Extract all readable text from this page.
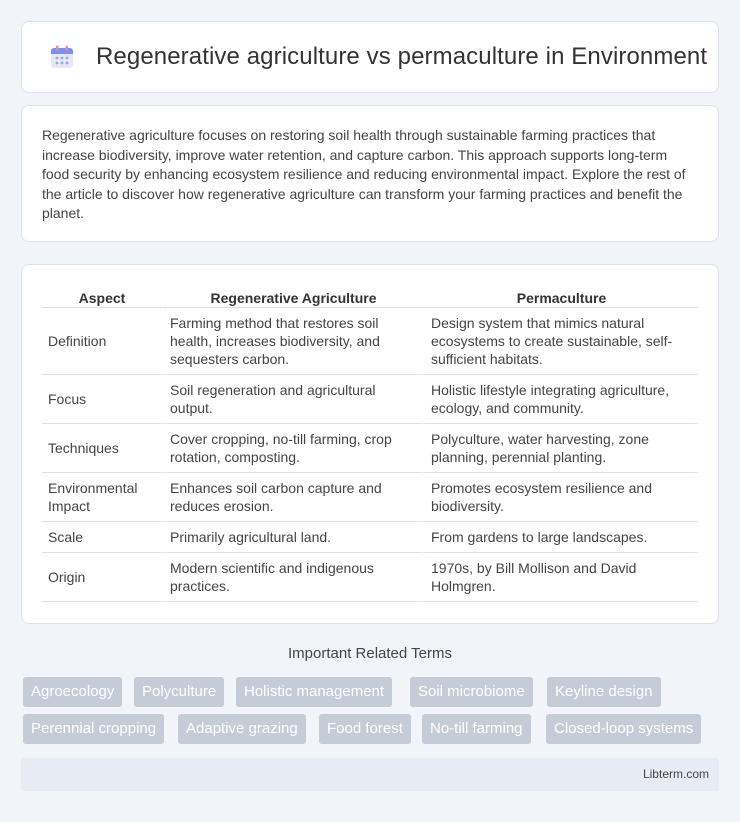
Regenerative agriculture vs permaculture in Environment

Regenerative agriculture focuses on restoring soil health through sustainable farming practices that increase biodiversity, improve water retention, and capture carbon. This approach supports long-term food security by enhancing ecosystem resilience and reducing environmental impact. Explore the rest of the article to discover how regenerative agriculture can transform your farming practices and benefit the planet.

Aspect	Regenerative Agriculture	Permaculture
Definition	Farming method that restores soil health, increases biodiversity, and sequesters carbon.	Design system that mimics natural ecosystems to create sustainable, self-sufficient habitats.
Focus	Soil regeneration and agricultural output.	Holistic lifestyle integrating agriculture, ecology, and community.
Techniques	Cover cropping, no-till farming, crop rotation, composting.	Polyculture, water harvesting, zone planning, perennial planting.
Environmental Impact	Enhances soil carbon capture and reduces erosion.	Promotes ecosystem resilience and biodiversity.
Scale	Primarily agricultural land.	From gardens to large landscapes.
Origin	Modern scientific and indigenous practices.	1970s, by Bill Mollison and David Holmgren.
Important Related Terms
Agroecology	Polyculture	Holistic management	Soil microbiome	Keyline design
Perennial cropping	Adaptive grazing	Food forest	No-till farming	Closed-loop systems
Libterm.com
